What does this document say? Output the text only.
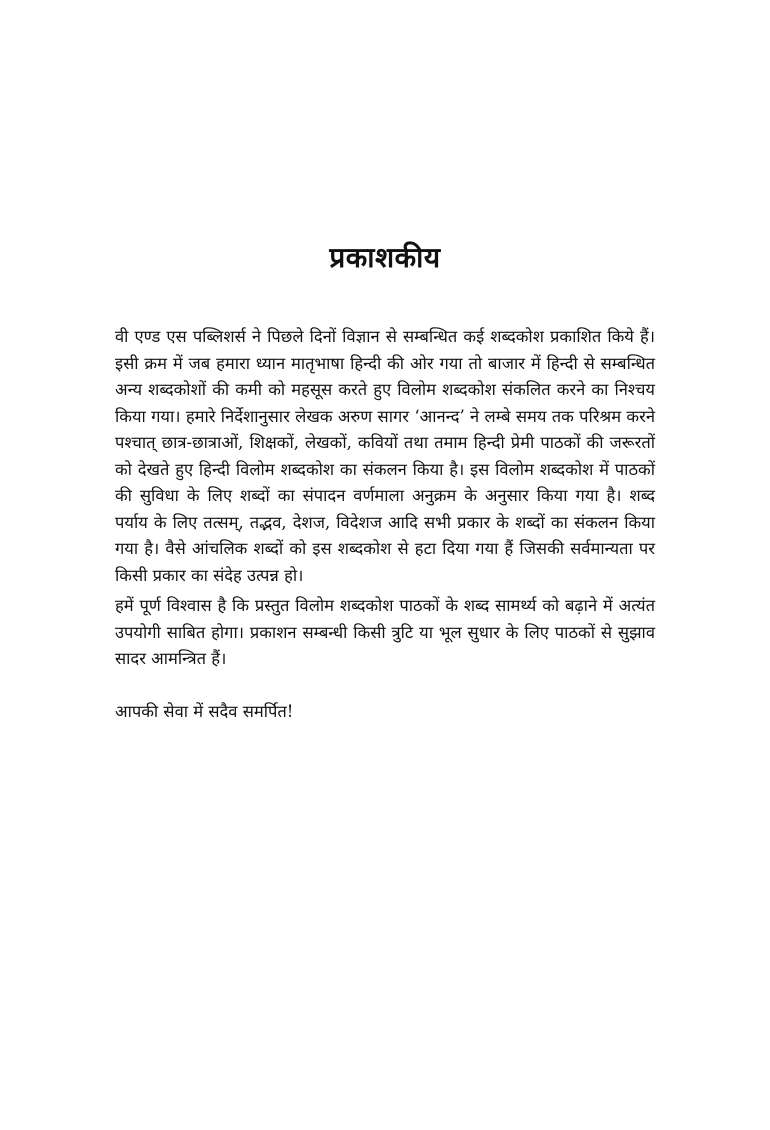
प्रकाशकीय

वी एण्ड एस पब्लिशर्स ने पिछले दिनों विज्ञान से सम्बन्धित कई शब्दकोश प्रकाशित किये हैं। इसी क्रम में जब हमारा ध्यान मातृभाषा हिन्दी की ओर गया तो बाजार में हिन्दी से सम्बन्धित अन्य शब्दकोशों की कमी को महसूस करते हुए विलोम शब्दकोश संकलित करने का निश्चय किया गया। हमारे निर्देशानुसार लेखक अरुण सागर ‘आनन्द’ ने लम्बे समय तक परिश्रम करने पश्चात् छात्र-छात्राओं, शिक्षकों, लेखकों, कवियों तथा तमाम हिन्दी प्रेमी पाठकों की जरूरतों को देखते हुए हिन्दी विलोम शब्दकोश का संकलन किया है। इस विलोम शब्दकोश में पाठकों की सुविधा के लिए शब्दों का संपादन वर्णमाला अनुक्रम के अनुसार किया गया है। शब्द पर्याय के लिए तत्सम्, तद्भव, देशज, विदेशज आदि सभी प्रकार के शब्दों का संकलन किया गया है। वैसे आंचलिक शब्दों को इस शब्दकोश से हटा दिया गया हैं जिसकी सर्वमान्यता पर किसी प्रकार का संदेह उत्पन्न हो।

हमें पूर्ण विश्वास है कि प्रस्तुत विलोम शब्दकोश पाठकों के शब्द सामर्थ्य को बढ़ाने में अत्यंत उपयोगी साबित होगा। प्रकाशन सम्बन्धी किसी त्रुटि या भूल सुधार के लिए पाठकों से सुझाव सादर आमन्त्रित हैं।

आपकी सेवा में सदैव समर्पित!
